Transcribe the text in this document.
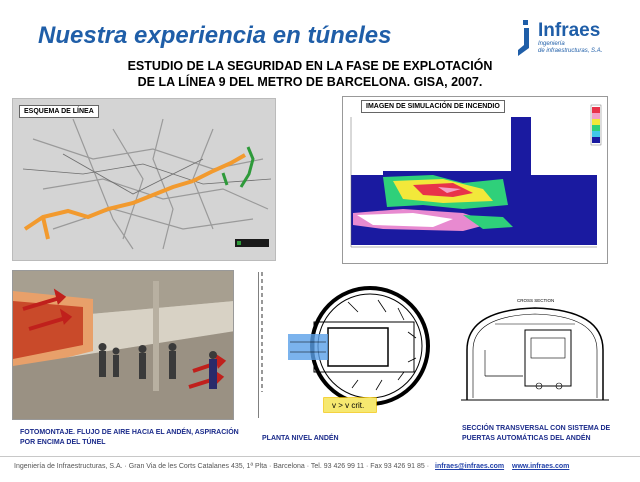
Nuestra experiencia en túneles	Infraes
Ingeniería
de infraestructuras, S.A.
ESTUDIO DE LA SEGURIDAD EN LA FASE DE EXPLOTACIÓN
DE LA LÍNEA 9 DEL METRO DE BARCELONA. GISA, 2007.
ESQUEMA DE LÍNEA
IMAGEN DE SIMULACIÓN DE INCENDIO
Acceso al pozo
Andén
v > v crit.
CROSS SECTION
FOTOMONTAJE. FLUJO DE AIRE HACIA EL ANDÉN, ASPIRACIÓN POR ENCIMA DEL TÚNEL
PLANTA NIVEL ANDÉN
SECCIÓN TRANSVERSAL CON SISTEMA DE PUERTAS AUTOMÁTICAS DEL ANDÉN
Ingeniería de Infraestructuras, S.A. · Gran Via de les Corts Catalanes 435, 1ª Plta · Barcelona · Tel. 93 426 99 11 · Fax 93 426 91 85 · infraes@infraes.com www.infraes.com
